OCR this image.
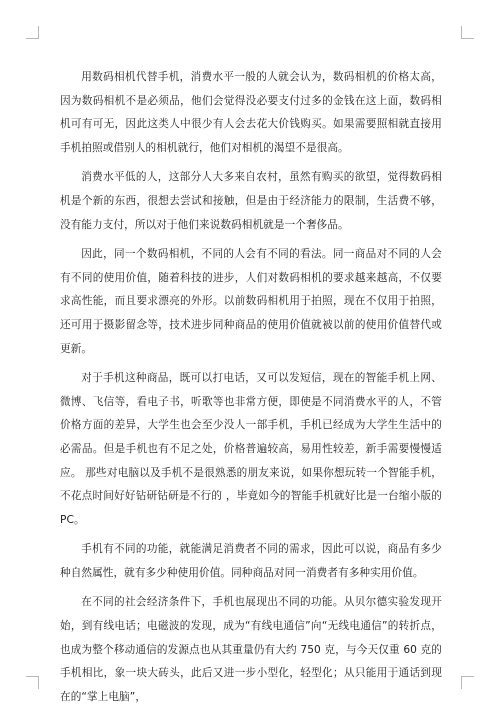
用数码相机代替手机，消费水平一般的人就会认为，数码相机的价格太高，因为数码相机不是必须品，他们会觉得没必要支付过多的金钱在这上面，数码相机可有可无，因此这类人中很少有人会去花大价钱购买。如果需要照相就直接用手机拍照或借别人的相机就行，他们对相机的渴望不是很高。

消费水平低的人，这部分人大多来自农村，虽然有购买的欲望，觉得数码相机是个新的东西，很想去尝试和接触，但是由于经济能力的限制，生活费不够，没有能力支付，所以对于他们来说数码相机就是一个奢侈品。

因此，同一个数码相机，不同的人会有不同的看法。同一商品对不同的人会有不同的使用价值，随着科技的进步，人们对数码相机的要求越来越高，不仅要求高性能，而且要求漂亮的外形。以前数码相机用于拍照，现在不仅用于拍照，还可用于摄影留念等，技术进步同种商品的使用价值就被以前的使用价值替代或更新。

对于手机这种商品，既可以打电话，又可以发短信，现在的智能手机上网、微博、飞信等，看电子书，听歌等也非常方便，即使是不同消费水平的人，不管价格方面的差异，大学生也会至少没人一部手机，手机已经成为大学生生活中的必需品。但是手机也有不足之处，价格普遍较高，易用性较差，新手需要慢慢适应。 那些对电脑以及手机不是很熟悉的朋友来说，如果你想玩转一个智能手机，不花点时间好好钻研钻研是不行的 ，毕竟如今的智能手机就好比是一台缩小版的 PC。

手机有不同的功能，就能满足消费者不同的需求，因此可以说，商品有多少种自然属性，就有多少种使用价值。同种商品对同一消费者有多种实用价值。

在不同的社会经济条件下，手机也展现出不同的功能。从贝尔德实验发现开始，到有线电话；电磁波的发现，成为“有线电通信”向“无线电通信”的转折点，也成为整个移动通信的发源点也从其重量仍有大约 750 克，与今天仅重 60 克的手机相比，象一块大砖头，此后又进一步小型化，轻型化；从只能用于通话到现在的“掌上电脑”，
